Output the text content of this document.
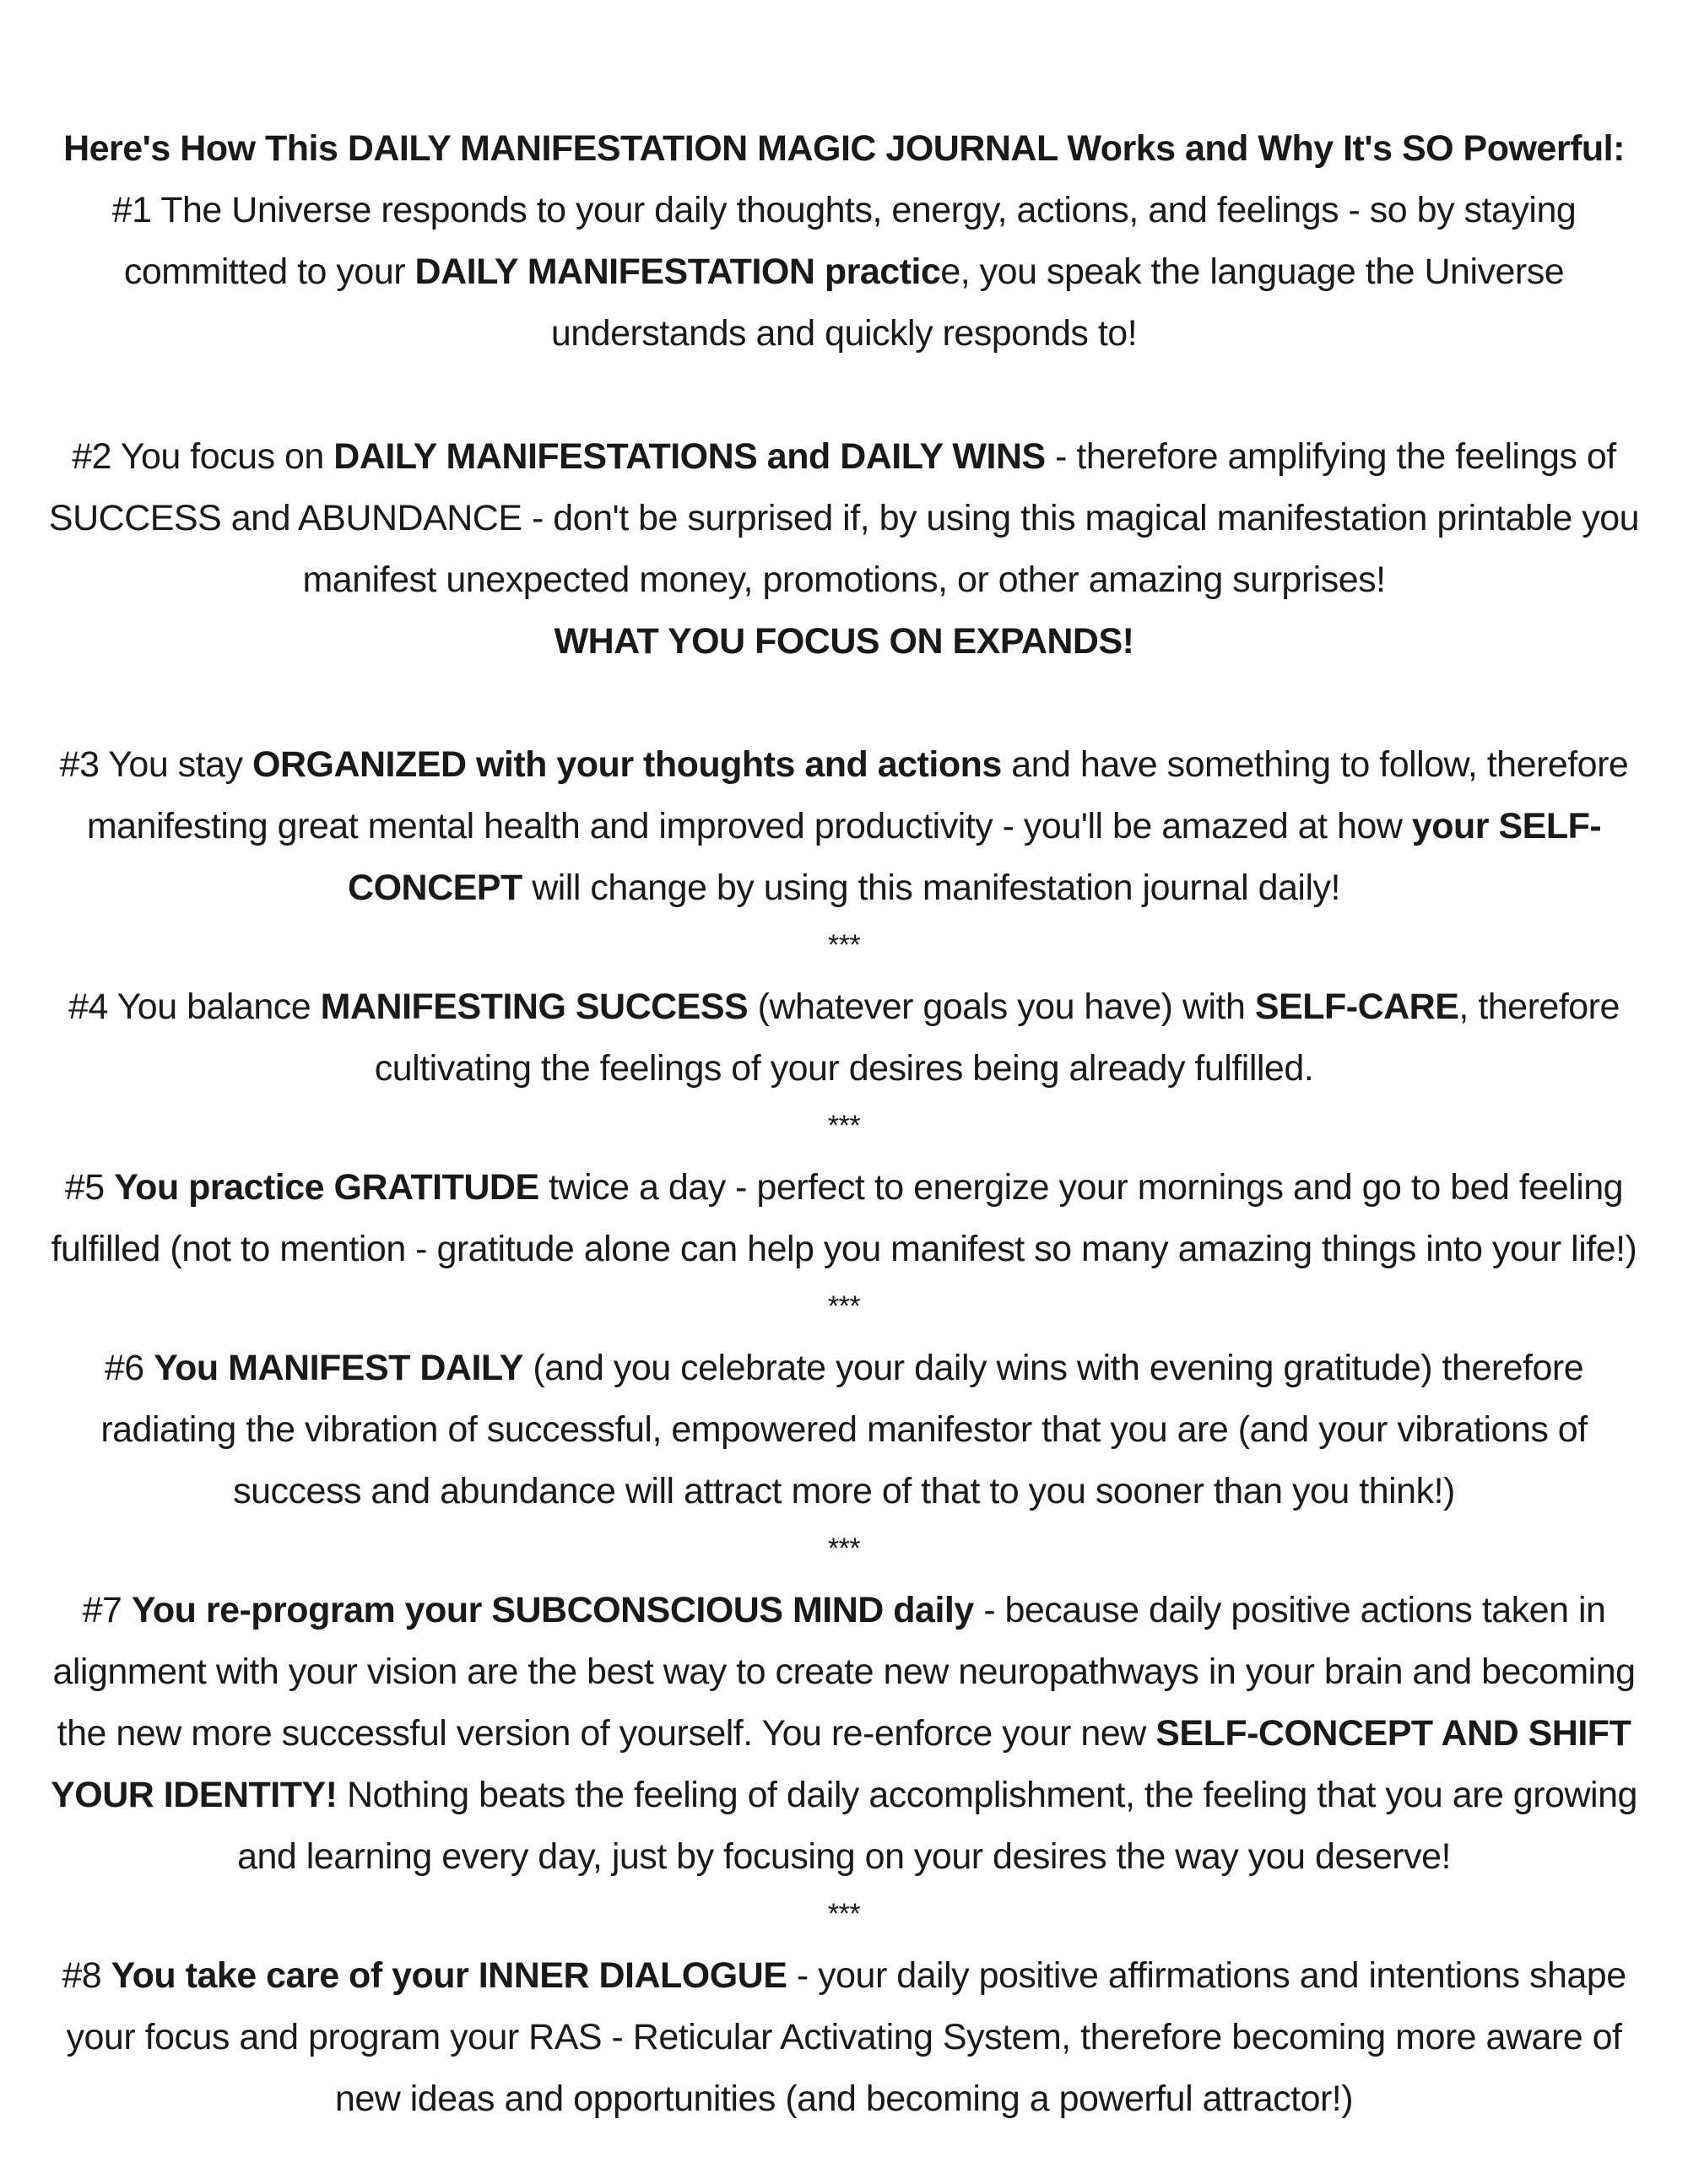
Here's How This DAILY MANIFESTATION MAGIC JOURNAL Works and Why It's SO Powerful:

#1 The Universe responds to your daily thoughts, energy, actions, and feelings - so by staying committed to your DAILY MANIFESTATION practice, you speak the language the Universe understands and quickly responds to!

#2 You focus on DAILY MANIFESTATIONS and DAILY WINS - therefore amplifying the feelings of SUCCESS and ABUNDANCE - don't be surprised if, by using this magical manifestation printable you manifest unexpected money, promotions, or other amazing surprises!

WHAT YOU FOCUS ON EXPANDS!

#3 You stay ORGANIZED with your thoughts and actions and have something to follow, therefore manifesting great mental health and improved productivity - you'll be amazed at how your SELF-CONCEPT will change by using this manifestation journal daily!

***

#4 You balance MANIFESTING SUCCESS (whatever goals you have) with SELF-CARE, therefore cultivating the feelings of your desires being already fulfilled.

***

#5 You practice GRATITUDE twice a day - perfect to energize your mornings and go to bed feeling fulfilled (not to mention - gratitude alone can help you manifest so many amazing things into your life!)

***

#6 You MANIFEST DAILY (and you celebrate your daily wins with evening gratitude) therefore radiating the vibration of successful, empowered manifestor that you are (and your vibrations of success and abundance will attract more of that to you sooner than you think!)

***

#7 You re-program your SUBCONSCIOUS MIND daily - because daily positive actions taken in alignment with your vision are the best way to create new neuropathways in your brain and becoming the new more successful version of yourself. You re-enforce your new SELF-CONCEPT AND SHIFT YOUR IDENTITY! Nothing beats the feeling of daily accomplishment, the feeling that you are growing and learning every day, just by focusing on your desires the way you deserve!

***

#8 You take care of your INNER DIALOGUE - your daily positive affirmations and intentions shape your focus and program your RAS - Reticular Activating System, therefore becoming more aware of new ideas and opportunities (and becoming a powerful attractor!)
